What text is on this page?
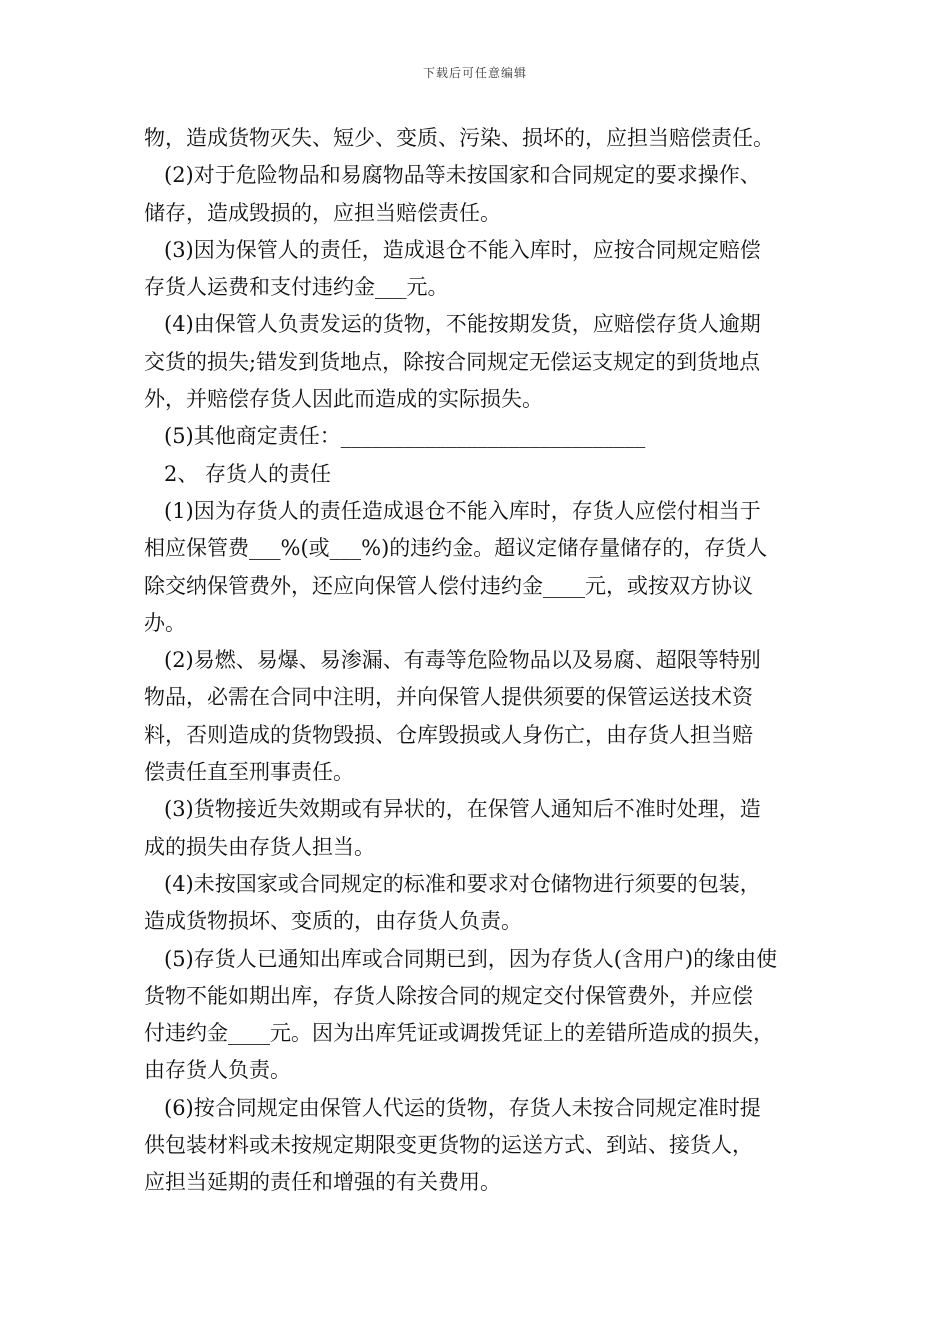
下载后可任意编辑

物，造成货物灭失、短少、变质、污染、损坏的，应担当赔偿责任。

(2)对于危险物品和易腐物品等未按国家和合同规定的要求操作、

储存，造成毁损的，应担当赔偿责任。

(3)因为保管人的责任，造成退仓不能入库时，应按合同规定赔偿

存货人运费和支付违约金___元。

(4)由保管人负责发运的货物，不能按期发货，应赔偿存货人逾期

交货的损失;错发到货地点，除按合同规定无偿运支规定的到货地点

外，并赔偿存货人因此而造成的实际损失。

(5)其他商定责任：_____________________________

2、 存货人的责任

(1)因为存货人的责任造成退仓不能入库时，存货人应偿付相当于

相应保管费___%(或___%)的违约金。超议定储存量储存的，存货人

除交纳保管费外，还应向保管人偿付违约金____元，或按双方协议

办。

(2)易燃、易爆、易渗漏、有毒等危险物品以及易腐、超限等特别

物品，必需在合同中注明，并向保管人提供须要的保管运送技术资

料，否则造成的货物毁损、仓库毁损或人身伤亡，由存货人担当赔

偿责任直至刑事责任。

(3)货物接近失效期或有异状的，在保管人通知后不准时处理，造

成的损失由存货人担当。

(4)未按国家或合同规定的标准和要求对仓储物进行须要的包装，

造成货物损坏、变质的，由存货人负责。

(5)存货人已通知出库或合同期已到，因为存货人(含用户)的缘由使

货物不能如期出库，存货人除按合同的规定交付保管费外，并应偿

付违约金____元。因为出库凭证或调拨凭证上的差错所造成的损失，

由存货人负责。

(6)按合同规定由保管人代运的货物，存货人未按合同规定准时提

供包装材料或未按规定期限变更货物的运送方式、到站、接货人，

应担当延期的责任和增强的有关费用。
